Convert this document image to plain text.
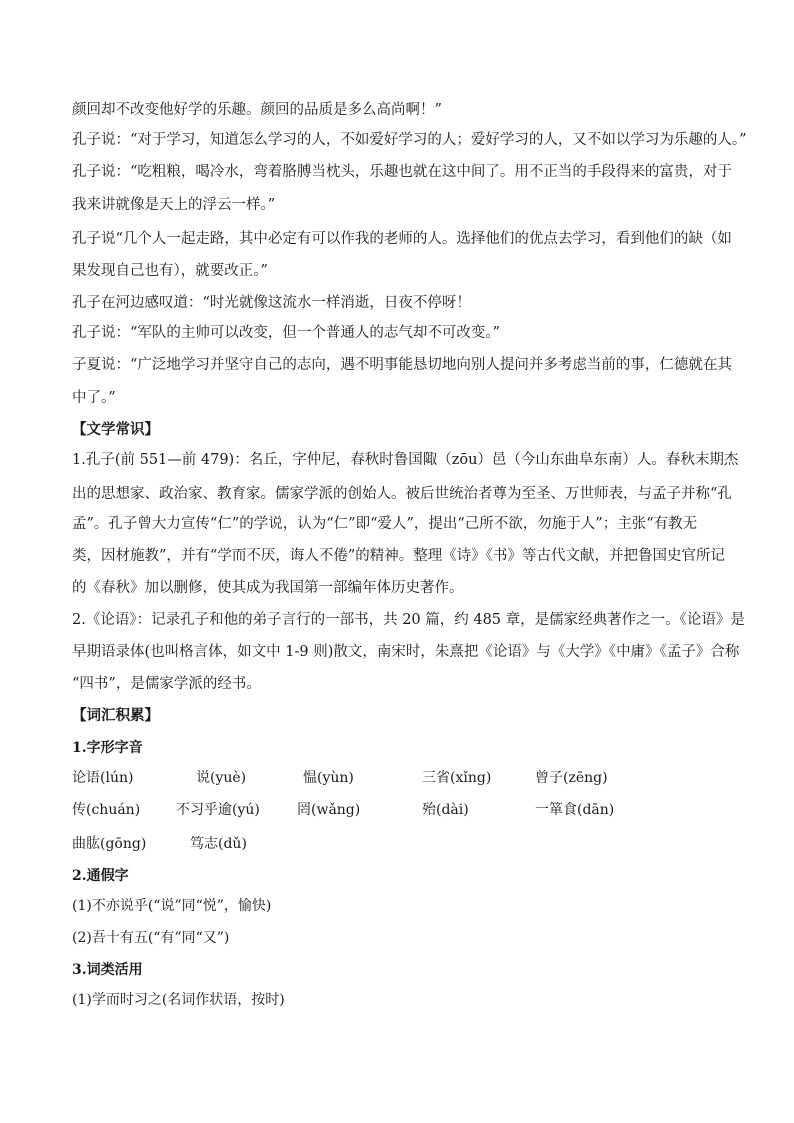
颜回却不改变他好学的乐趣。颜回的品质是多么高尚啊！”
孔子说：“对于学习，知道怎么学习的人，不如爱好学习的人；爱好学习的人，又不如以学习为乐趣的人。”
孔子说：“吃粗粮，喝冷水，弯着胳膊当枕头，乐趣也就在这中间了。用不正当的手段得来的富贵，对于
我来讲就像是天上的浮云一样。”
孔子说“几个人一起走路，其中必定有可以作我的老师的人。选择他们的优点去学习，看到他们的缺（如
果发现自己也有），就要改正。”
孔子在河边感叹道：“时光就像这流水一样消逝，日夜不停呀！
孔子说：“军队的主帅可以改变，但一个普通人的志气却不可改变。”
子夏说：“广泛地学习并坚守自己的志向，遇不明事能恳切地向别人提问并多考虑当前的事，仁德就在其
中了。”
【文学常识】
1.孔子(前 551—前 479)：名丘，字仲尼，春秋时鲁国陬（zōu）邑（今山东曲阜东南）人。春秋末期杰
出的思想家、政治家、教育家。儒家学派的创始人。被后世统治者尊为至圣、万世师表，与孟子并称“孔
孟”。孔子曾大力宣传“仁”的学说，认为“仁”即“爱人”，提出“己所不欲，勿施于人”；主张“有教无
类，因材施教”，并有“学而不厌，诲人不倦”的精神。整理《诗》《书》等古代文献，并把鲁国史官所记
的《春秋》加以删修，使其成为我国第一部编年体历史著作。
2.《论语》：记录孔子和他的弟子言行的一部书，共 20 篇，约 485 章，是儒家经典著作之一。《论语》是
早期语录体(也叫格言体，如文中 1-9 则)散文，南宋时，朱熹把《论语》与《大学》《中庸》《孟子》合称
“四书”，是儒家学派的经书。
【词汇积累】
1.字形字音
论语(lún)	说(yuè)	愠(yùn)	三省(xǐng)	曾子(zēng)
传(chuán)	不习乎逾(yú)	罔(wǎng)	殆(dài)	一箪食(dān)
曲肱(gōng)	笃志(dǔ)
2.通假字
(1)不亦说乎(“说”同“悦”，愉快)
(2)吾十有五(“有”同“又”)
3.词类活用
(1)学而时习之(名词作状语，按时)
